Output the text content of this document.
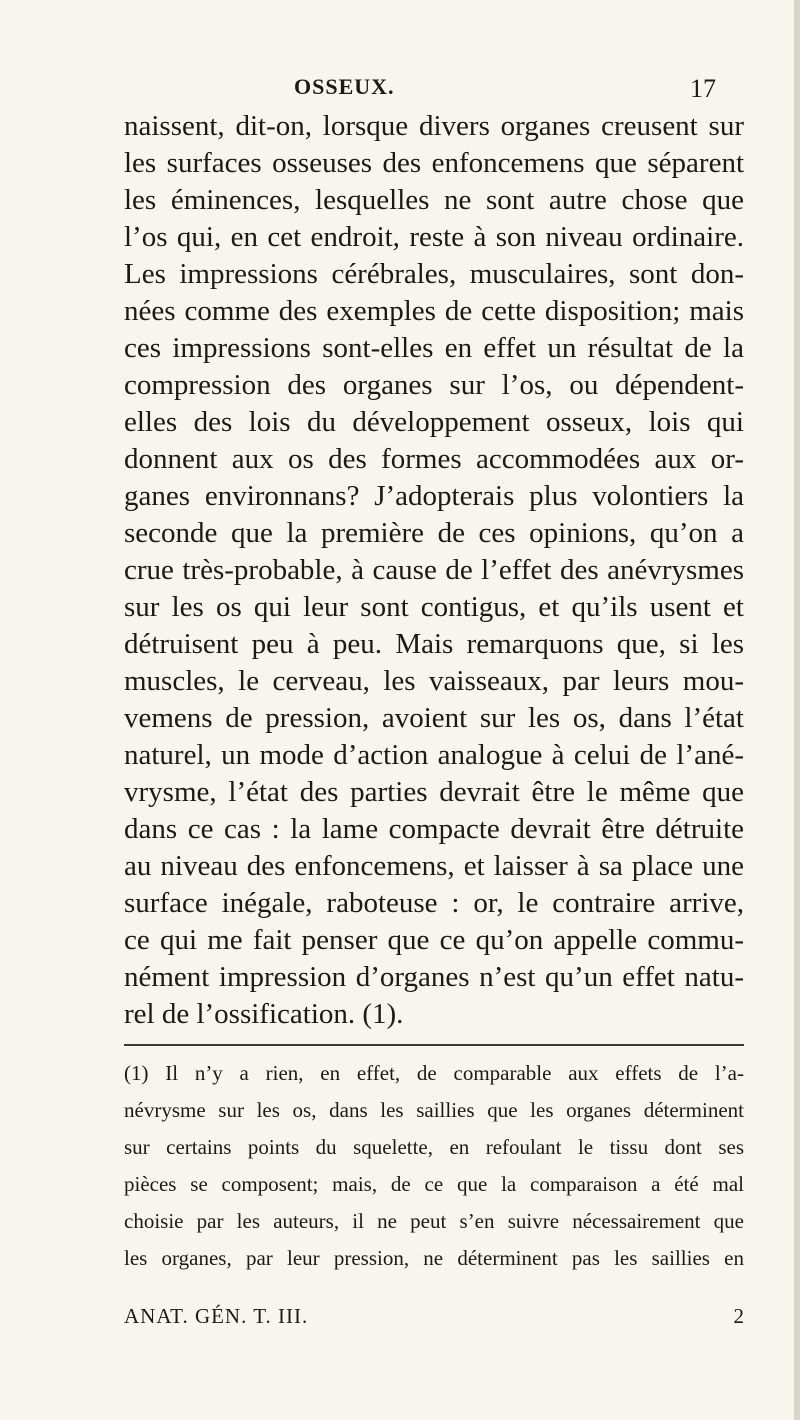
OSSEUX.	17
naissent, dit-on, lorsque divers organes creusent sur
les surfaces osseuses des enfoncemens que séparent
les éminences, lesquelles ne sont autre chose que
l’os qui, en cet endroit, reste à son niveau ordinaire.
Les impressions cérébrales, musculaires, sont don-
nées comme des exemples de cette disposition; mais
ces impressions sont-elles en effet un résultat de la
compression des organes sur l’os, ou dépendent-
elles des lois du développement osseux, lois qui
donnent aux os des formes accommodées aux or-
ganes environnans? J’adopterais plus volontiers la
seconde que la première de ces opinions, qu’on a
crue très-probable, à cause de l’effet des anévrysmes
sur les os qui leur sont contigus, et qu’ils usent et
détruisent peu à peu. Mais remarquons que, si les
muscles, le cerveau, les vaisseaux, par leurs mou-
vemens de pression, avoient sur les os, dans l’état
naturel, un mode d’action analogue à celui de l’ané-
vrysme, l’état des parties devrait être le même que
dans ce cas : la lame compacte devrait être détruite
au niveau des enfoncemens, et laisser à sa place une
surface inégale, raboteuse : or, le contraire arrive,
ce qui me fait penser que ce qu’on appelle commu-
nément impression d’organes n’est qu’un effet natu-
rel de l’ossification. (1).
(1) Il n’y a rien, en effet, de comparable aux effets de l’a-
névrysme sur les os, dans les saillies que les organes déterminent
sur certains points du squelette, en refoulant le tissu dont ses
pièces se composent; mais, de ce que la comparaison a été mal
choisie par les auteurs, il ne peut s’en suivre nécessairement que
les organes, par leur pression, ne déterminent pas les saillies en
ANAT. GÉN. T. III.	2
